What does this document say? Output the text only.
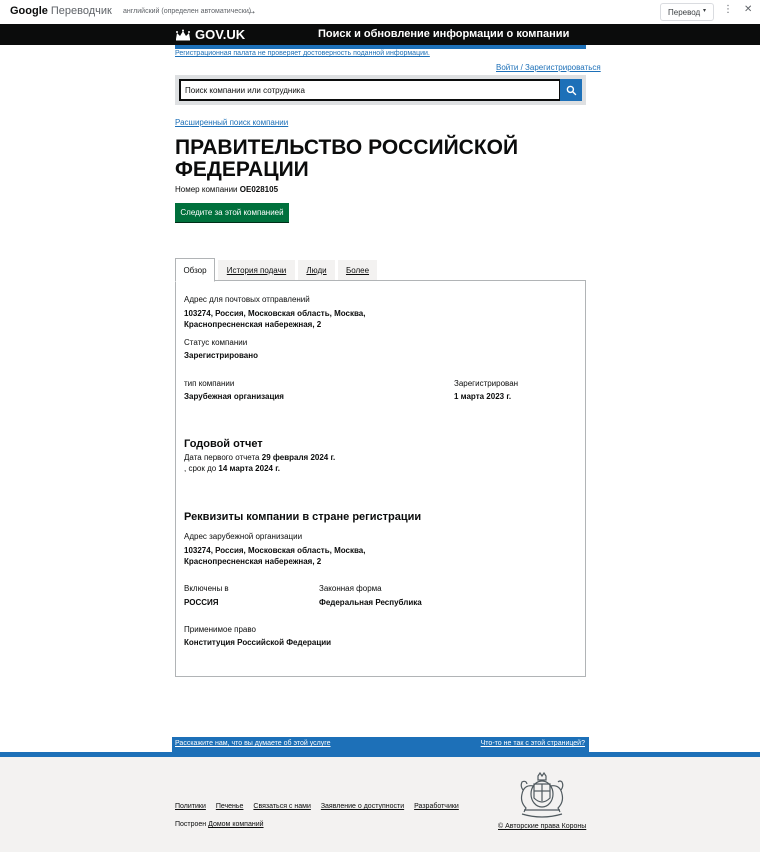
Google Переводчик английский (определен автоматически)
→	Перевод ▾ ⋮ ✕
GOV.UK	Поиск и обновление информации о компании
Регистрационная палата не проверяет достоверность поданной информации.
Войти / Зарегистрироваться
Поиск компании или сотрудника
Расширенный поиск компании
ПРАВИТЕЛЬСТВО РОССИЙСКОЙ ФЕДЕРАЦИИ
Номер компании OE028105
Следите за этой компанией
Обзор	История подачи	Люди	Более
Адрес для почтовых отправлений
103274, Россия, Московская область, Москва,
Краснопресненская набережная, 2
Статус компании
Зарегистрировано
тип компании
Зарубежная организация
Зарегистрирован
1 марта 2023 г.
Годовой отчет
Дата первого отчета 29 февраля 2024 г.
, срок до 14 марта 2024 г.
Реквизиты компании в стране регистрации
Адрес зарубежной организации
103274, Россия, Московская область, Москва,
Краснопресненская набережная, 2
Включены в
РОССИЯ
Законная форма
Федеральная Республика
Применимое право
Конституция Российской Федерации
Расскажите нам, что вы думаете об этой услуге	Что-то не так с этой страницей?
Политики Печенье Связаться с нами Заявление о доступности Разработчики
Построен Домом компаний	© Авторские права Короны
